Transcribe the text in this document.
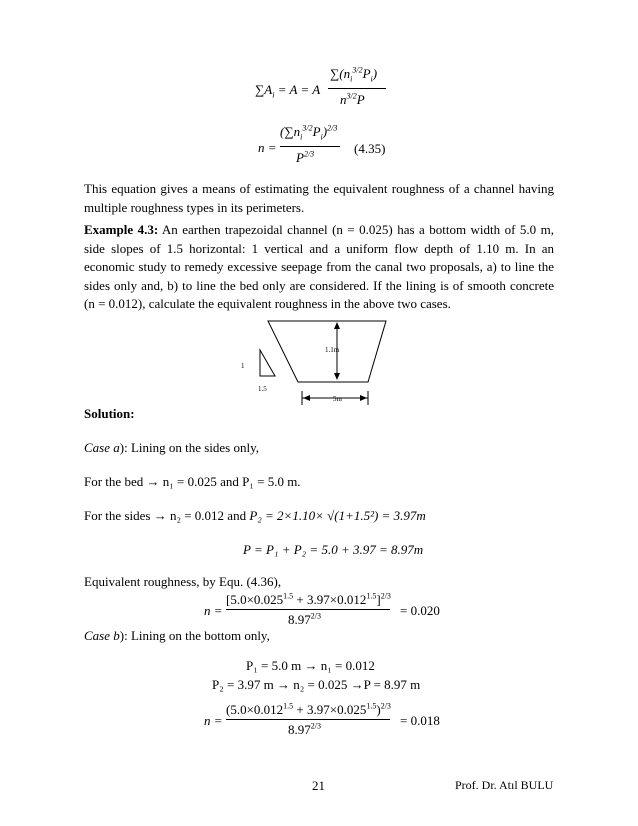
$\sum A_i = A = A$
$\sum(n_i^{3/2}P_i)$
$n^{3/2}P$
n =
$(\sum n_i^{3/2}P_i)^{2/3}$
$P^{2/3}$	(4.35)
This equation gives a means of estimating the equivalent roughness of a channel having multiple roughness types in its perimeters.
Example 4.3: An earthen trapezoidal channel (n = 0.025) has a bottom width of 5.0 m, side slopes of 1.5 horizontal: 1 vertical and a uniform flow depth of 1.10 m. In an economic study to remedy excessive seepage from the canal two proposals, a) to line the sides only and, b) to line the bed only are considered. If the lining is of smooth concrete (n = 0.012), calculate the equivalent roughness in the above two cases.
1.1m
5m
1
1.5
Solution:
Case a): Lining on the sides only,
For the bed → n₁ = 0.025 and P₁ = 5.0 m.
For the sides → n₂ = 0.012 and P₂ = 2×1.10× √(1+1.5²) = 3.97m
P = P₁ + P₂ = 5.0 + 3.97 = 8.97m
Equivalent roughness, by Equ. (4.36),
n =
$[5.0\times 0.025^{1.5} + 3.97\times 0.012^{1.5}]^{2/3}$
$8.97^{2/3}$	= 0.020
Case b): Lining on the bottom only,
P₁ = 5.0 m → n₁ = 0.012
P₂ = 3.97 m → n₂ = 0.025 →P = 8.97 m
n =
$(5.0\times 0.012^{1.5} + 3.97\times 0.025^{1.5})^{2/3}$
$8.97^{2/3}$	= 0.018
21	Prof. Dr. Atıl BULU
